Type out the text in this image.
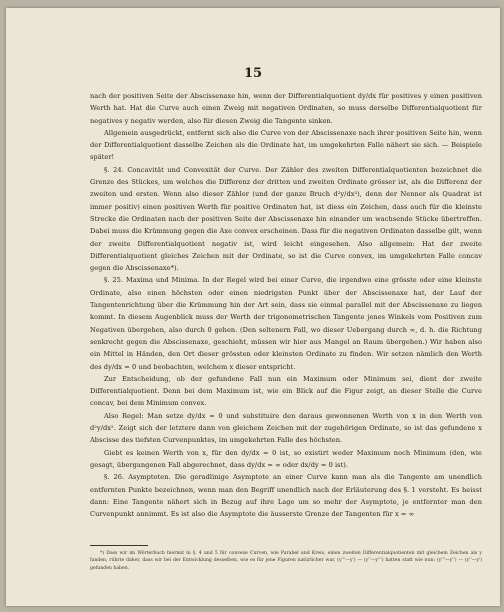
15

nach der positiven Seite der Abscissenaxe hin, wenn der Differentialquotient dy/dx für positives y einen positiven Werth hat. Hat die Curve auch einen Zweig mit negativen Ordinaten, so muss derselbe Differentialquotient für negatives y negativ werden, also für diesen Zweig die Tangente sinken.

Allgemein ausgedrückt, entfernt sich also die Curve von der Abscissenaxe nach ihrer positiven Seite hin, wenn der Differentialquotient dasselbe Zeichen als die Ordinate hat, im umgekehrten Falle nähert sie sich. — Beispiele später!

§. 24. Concavität und Convexität der Curve. Der Zähler des zweiten Differentialquotienten bezeichnet die Grenze des Stückes, um welches die Differenz der dritten und zweiten Ordinate grösser ist, als die Differenz der zweiten und ersten. Wenn also dieser Zähler (und der ganze Bruch d²y/dx²), denn der Nenner als Quadrat ist immer positiv) einen positiven Werth für positive Ordinaten hat, ist diess ein Zeichen, dass auch für die kleinste Strecke die Ordinaten nach der positiven Seite der Abscissenaxe hin einander um wachsende Stücke übertreffen. Dabei muss die Krümmung gegen die Axe convex erscheinen. Dass für die negativen Ordinaten dasselbe gilt, wenn der zweite Differentialquotient negativ ist, wird leicht eingesehen. Also allgemein: Hat der zweite Differentialquotient gleiches Zeichen mit der Ordinate, so ist die Curve convex, im umgekehrten Falle concav gegen die Abscissenaxe*).

§. 25. Maxima und Minima. In der Regel wird bei einer Curve, die irgendwo eine grösste oder eine kleinste Ordinate, also einen höchsten oder einen niedrigsten Punkt über der Abscissenaxe hat, der Lauf der Tangentenrichtung über die Krümmung hin der Art sein, dass sie einmal parallel mit der Abscissenaxe zu liegen kommt. In diesem Augenblick muss der Werth der trigonometrischen Tangente jenes Winkels vom Positiven zum Negativen übergehen, also durch 0 gehen. (Den seltenern Fall, wo dieser Uebergang durch ∞, d. h. die Richtung senkrecht gegen die Abscissenaxe, geschieht, müssen wir hier aus Mangel an Raum übergehen.) Wir haben also ein Mittel in Händen, den Ort dieser grössten oder kleinsten Ordinate zu finden. Wir setzen nämlich den Werth des dy/dx = 0 und beobachten, welchem x dieser entspricht.

Zur Entscheidung, ob der gefundene Fall nun ein Maximum oder Minimum sei, dient der zweite Differentialquotient. Denn bei dem Maximum ist, wie ein Blick auf die Figur zeigt, an dieser Stelle die Curve concav, bei dem Minimum convex.

Also Regel: Man setze dy/dx = 0 und substituire den daraus gewonnenen Werth von x in den Werth von d²y/dx². Zeigt sich der letztere dann von gleichem Zeichen mit der zugehörigen Ordinate, so ist das gefundene x Abscisse des tiefsten Curvenpunktes, im umgekehrten Falle des höchsten.

Giebt es keinen Werth von x, für den dy/dx = 0 ist, so existirt weder Maximum noch Minimum (den, wie gesagt, übergangenen Fall abgerechnet, dass dy/dx = ∞ oder dx/dy = 0 ist).

§. 26. Asymptoten. Die geradlinige Asymptote an einer Curve kann man als die Tangente am unendlich entfernten Punkte bezeichnen, wenn man den Begriff unendlich nach der Erläuterung des §. 1 versteht. Es heisst dann: Eine Tangente nähert sich in Bezug auf ihre Lage um so mehr der Asymptote, je entfernter man den Curvenpunkt annimmt. Es ist also die Asymptote die äusserste Grenze der Tangenten für x = ∞

*) Dass wir im Wörterbuch hiermit in §. 4 und 5 für convexe Curven, wie Parabel und Kreis, einen zweiten Differentialquotienten mit gleichem Zeichen als y fanden, rührte daher, dass wir bei der Entwicklung desselben, wie es für jene Figuren natürlicher war, (y'''—y') — (y''—y''') hatten statt wie nun: (y'''—y'') — (y''—y') gefunden haben.
